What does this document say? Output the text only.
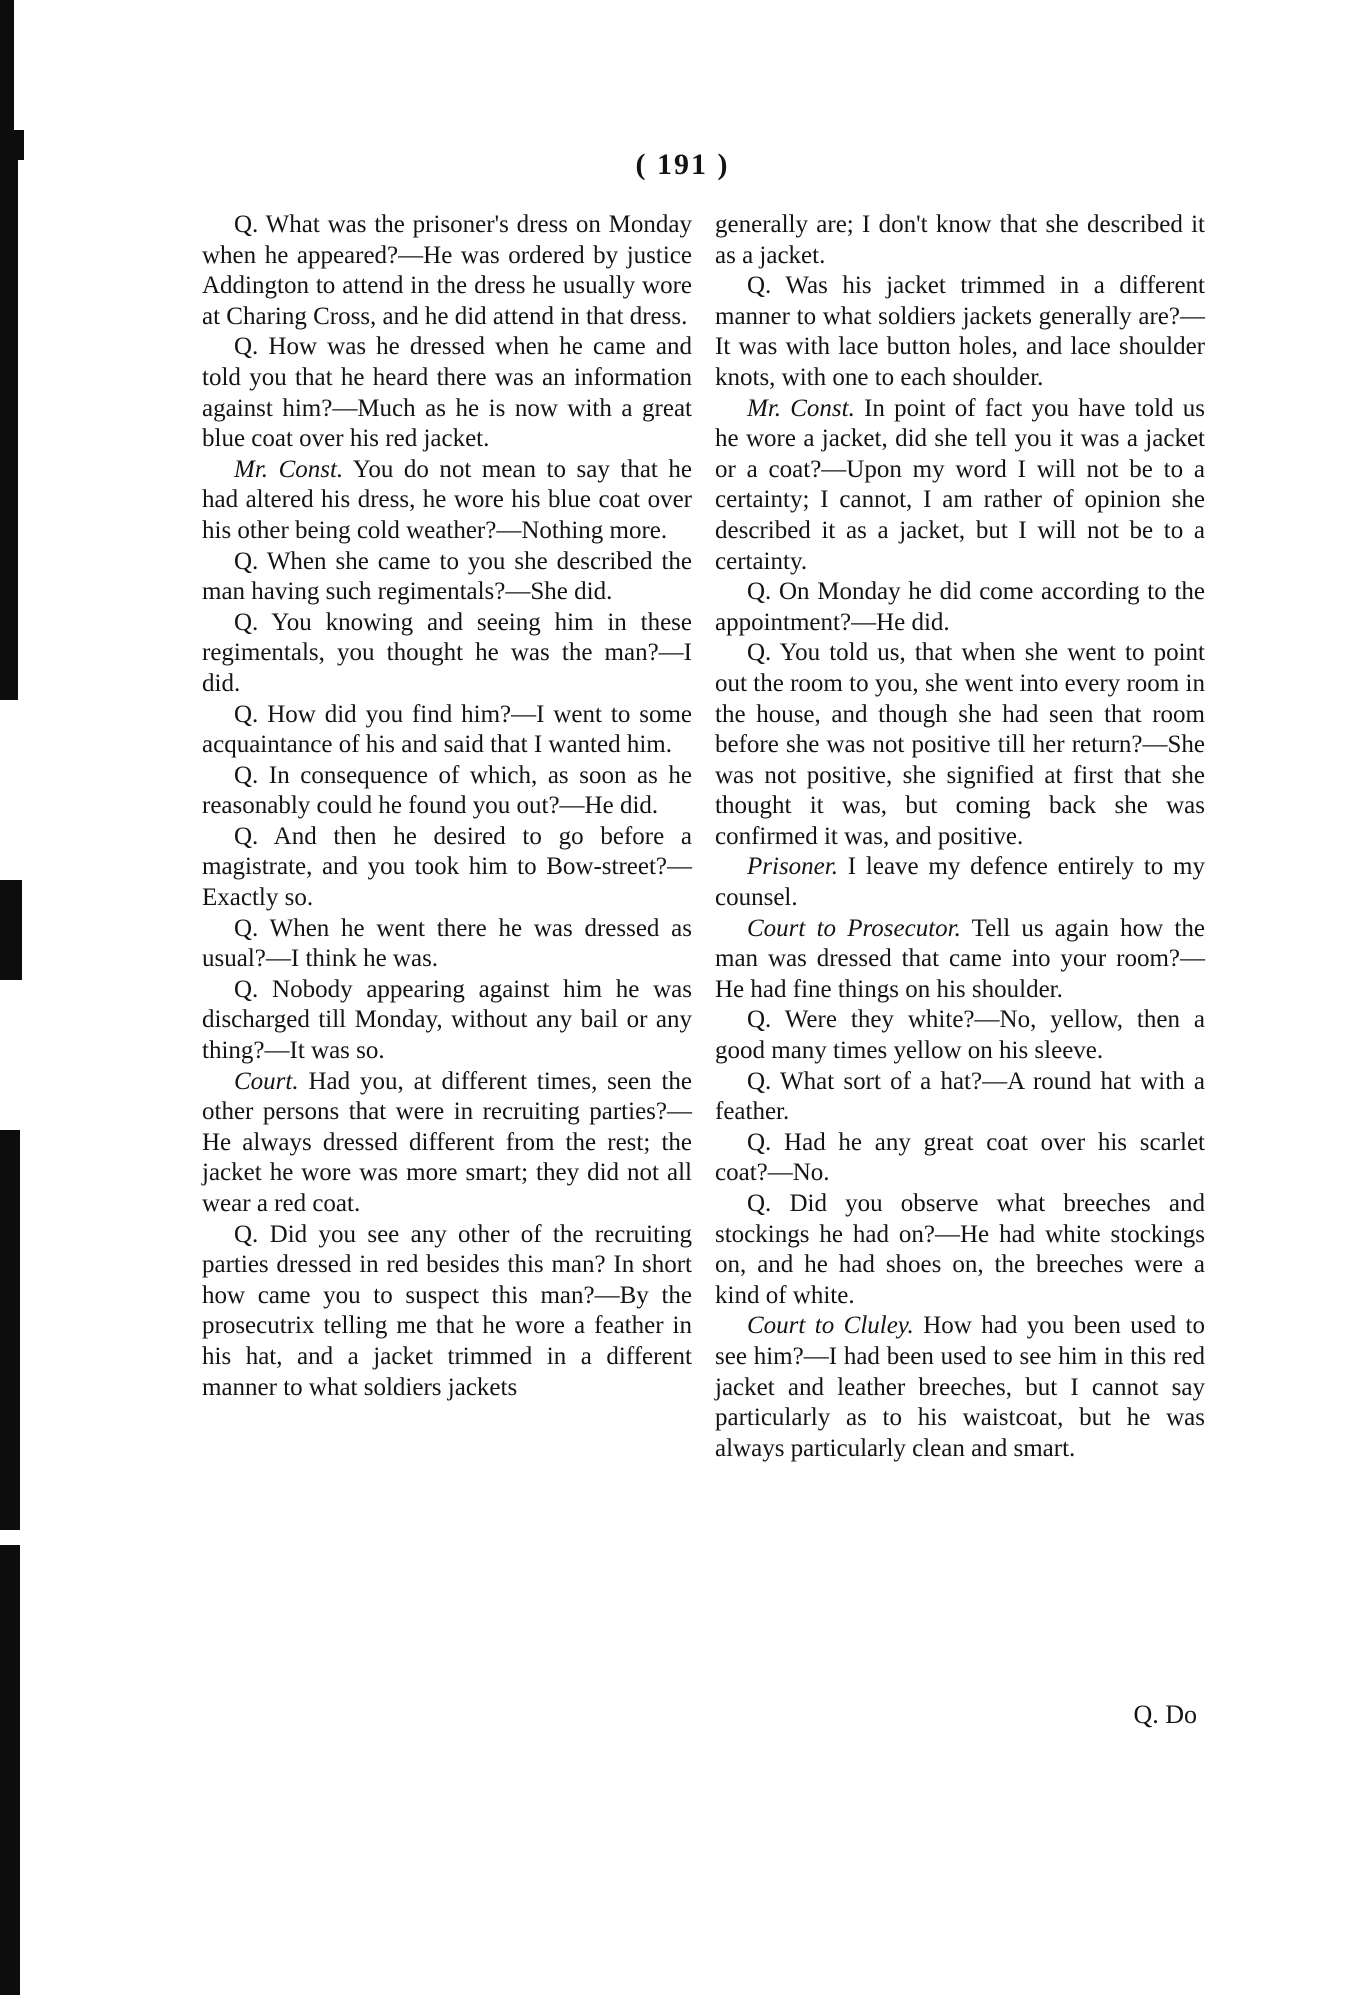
( 191 )

Q. What was the prisoner's dress on Monday when he appeared?—He was ordered by justice Addington to attend in the dress he usually wore at Charing Cross, and he did attend in that dress.

Q. How was he dressed when he came and told you that he heard there was an information against him?—Much as he is now with a great blue coat over his red jacket.

Mr. Const. You do not mean to say that he had altered his dress, he wore his blue coat over his other being cold weather?—Nothing more.

Q. When she came to you she described the man having such regimentals?—She did.

Q. You knowing and seeing him in these regimentals, you thought he was the man?—I did.

Q. How did you find him?—I went to some acquaintance of his and said that I wanted him.

Q. In consequence of which, as soon as he reasonably could he found you out?—He did.

Q. And then he desired to go before a magistrate, and you took him to Bow-street?—Exactly so.

Q. When he went there he was dressed as usual?—I think he was.

Q. Nobody appearing against him he was discharged till Monday, without any bail or any thing?—It was so.

Court. Had you, at different times, seen the other persons that were in recruiting parties?—He always dressed different from the rest; the jacket he wore was more smart; they did not all wear a red coat.

Q. Did you see any other of the recruiting parties dressed in red besides this man? In short how came you to suspect this man?—By the prosecutrix telling me that he wore a feather in his hat, and a jacket trimmed in a different manner to what soldiers jackets

generally are; I don't know that she described it as a jacket.

Q. Was his jacket trimmed in a different manner to what soldiers jackets generally are?—It was with lace button holes, and lace shoulder knots, with one to each shoulder.

Mr. Const. In point of fact you have told us he wore a jacket, did she tell you it was a jacket or a coat?—Upon my word I will not be to a certainty; I cannot, I am rather of opinion she described it as a jacket, but I will not be to a certainty.

Q. On Monday he did come according to the appointment?—He did.

Q. You told us, that when she went to point out the room to you, she went into every room in the house, and though she had seen that room before she was not positive till her return?—She was not positive, she signified at first that she thought it was, but coming back she was confirmed it was, and positive.

Prisoner. I leave my defence entirely to my counsel.

Court to Prosecutor. Tell us again how the man was dressed that came into your room?—He had fine things on his shoulder.

Q. Were they white?—No, yellow, then a good many times yellow on his sleeve.

Q. What sort of a hat?—A round hat with a feather.

Q. Had he any great coat over his scarlet coat?—No.

Q. Did you observe what breeches and stockings he had on?—He had white stockings on, and he had shoes on, the breeches were a kind of white.

Court to Cluley. How had you been used to see him?—I had been used to see him in this red jacket and leather breeches, but I cannot say particularly as to his waistcoat, but he was always particularly clean and smart.

Q. Do
